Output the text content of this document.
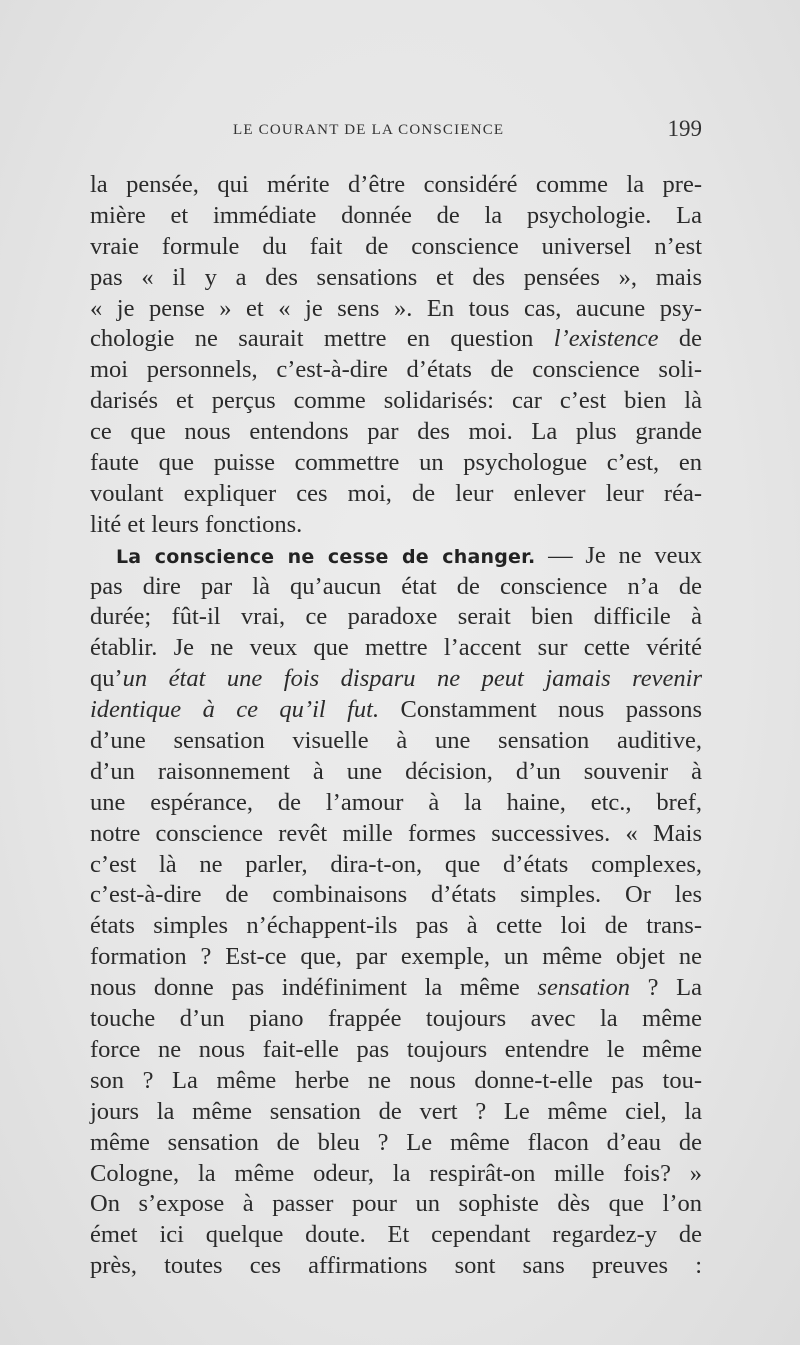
LE COURANT DE LA CONSCIENCE	199
la pensée, qui mérite d’être considéré comme la pre-
mière et immédiate donnée de la psychologie. La
vraie formule du fait de conscience universel n’est
pas « il y a des sensations et des pensées », mais
« je pense » et « je sens ». En tous cas, aucune psy-
chologie ne saurait mettre en question l’existence de
moi personnels, c’est-à-dire d’états de conscience soli-
darisés et perçus comme solidarisés: car c’est bien là
ce que nous entendons par des moi. La plus grande
faute que puisse commettre un psychologue c’est, en
voulant expliquer ces moi, de leur enlever leur réa-
lité et leurs fonctions.
La conscience ne cesse de changer. — Je ne veux
pas dire par là qu’aucun état de conscience n’a de
durée; fût-il vrai, ce paradoxe serait bien difficile à
établir. Je ne veux que mettre l’accent sur cette vérité
qu’un état une fois disparu ne peut jamais revenir
identique à ce qu’il fut. Constamment nous passons
d’une sensation visuelle à une sensation auditive,
d’un raisonnement à une décision, d’un souvenir à
une espérance, de l’amour à la haine, etc., bref,
notre conscience revêt mille formes successives. « Mais
c’est là ne parler, dira-t-on, que d’états complexes,
c’est-à-dire de combinaisons d’états simples. Or les
états simples n’échappent-ils pas à cette loi de trans-
formation ? Est-ce que, par exemple, un même objet ne
nous donne pas indéfiniment la même sensation ? La
touche d’un piano frappée toujours avec la même
force ne nous fait-elle pas toujours entendre le même
son ? La même herbe ne nous donne-t-elle pas tou-
jours la même sensation de vert ? Le même ciel, la
même sensation de bleu ? Le même flacon d’eau de
Cologne, la même odeur, la respirât-on mille fois? »
On s’expose à passer pour un sophiste dès que l’on
émet ici quelque doute. Et cependant regardez-y de
près, toutes ces affirmations sont sans preuves :
